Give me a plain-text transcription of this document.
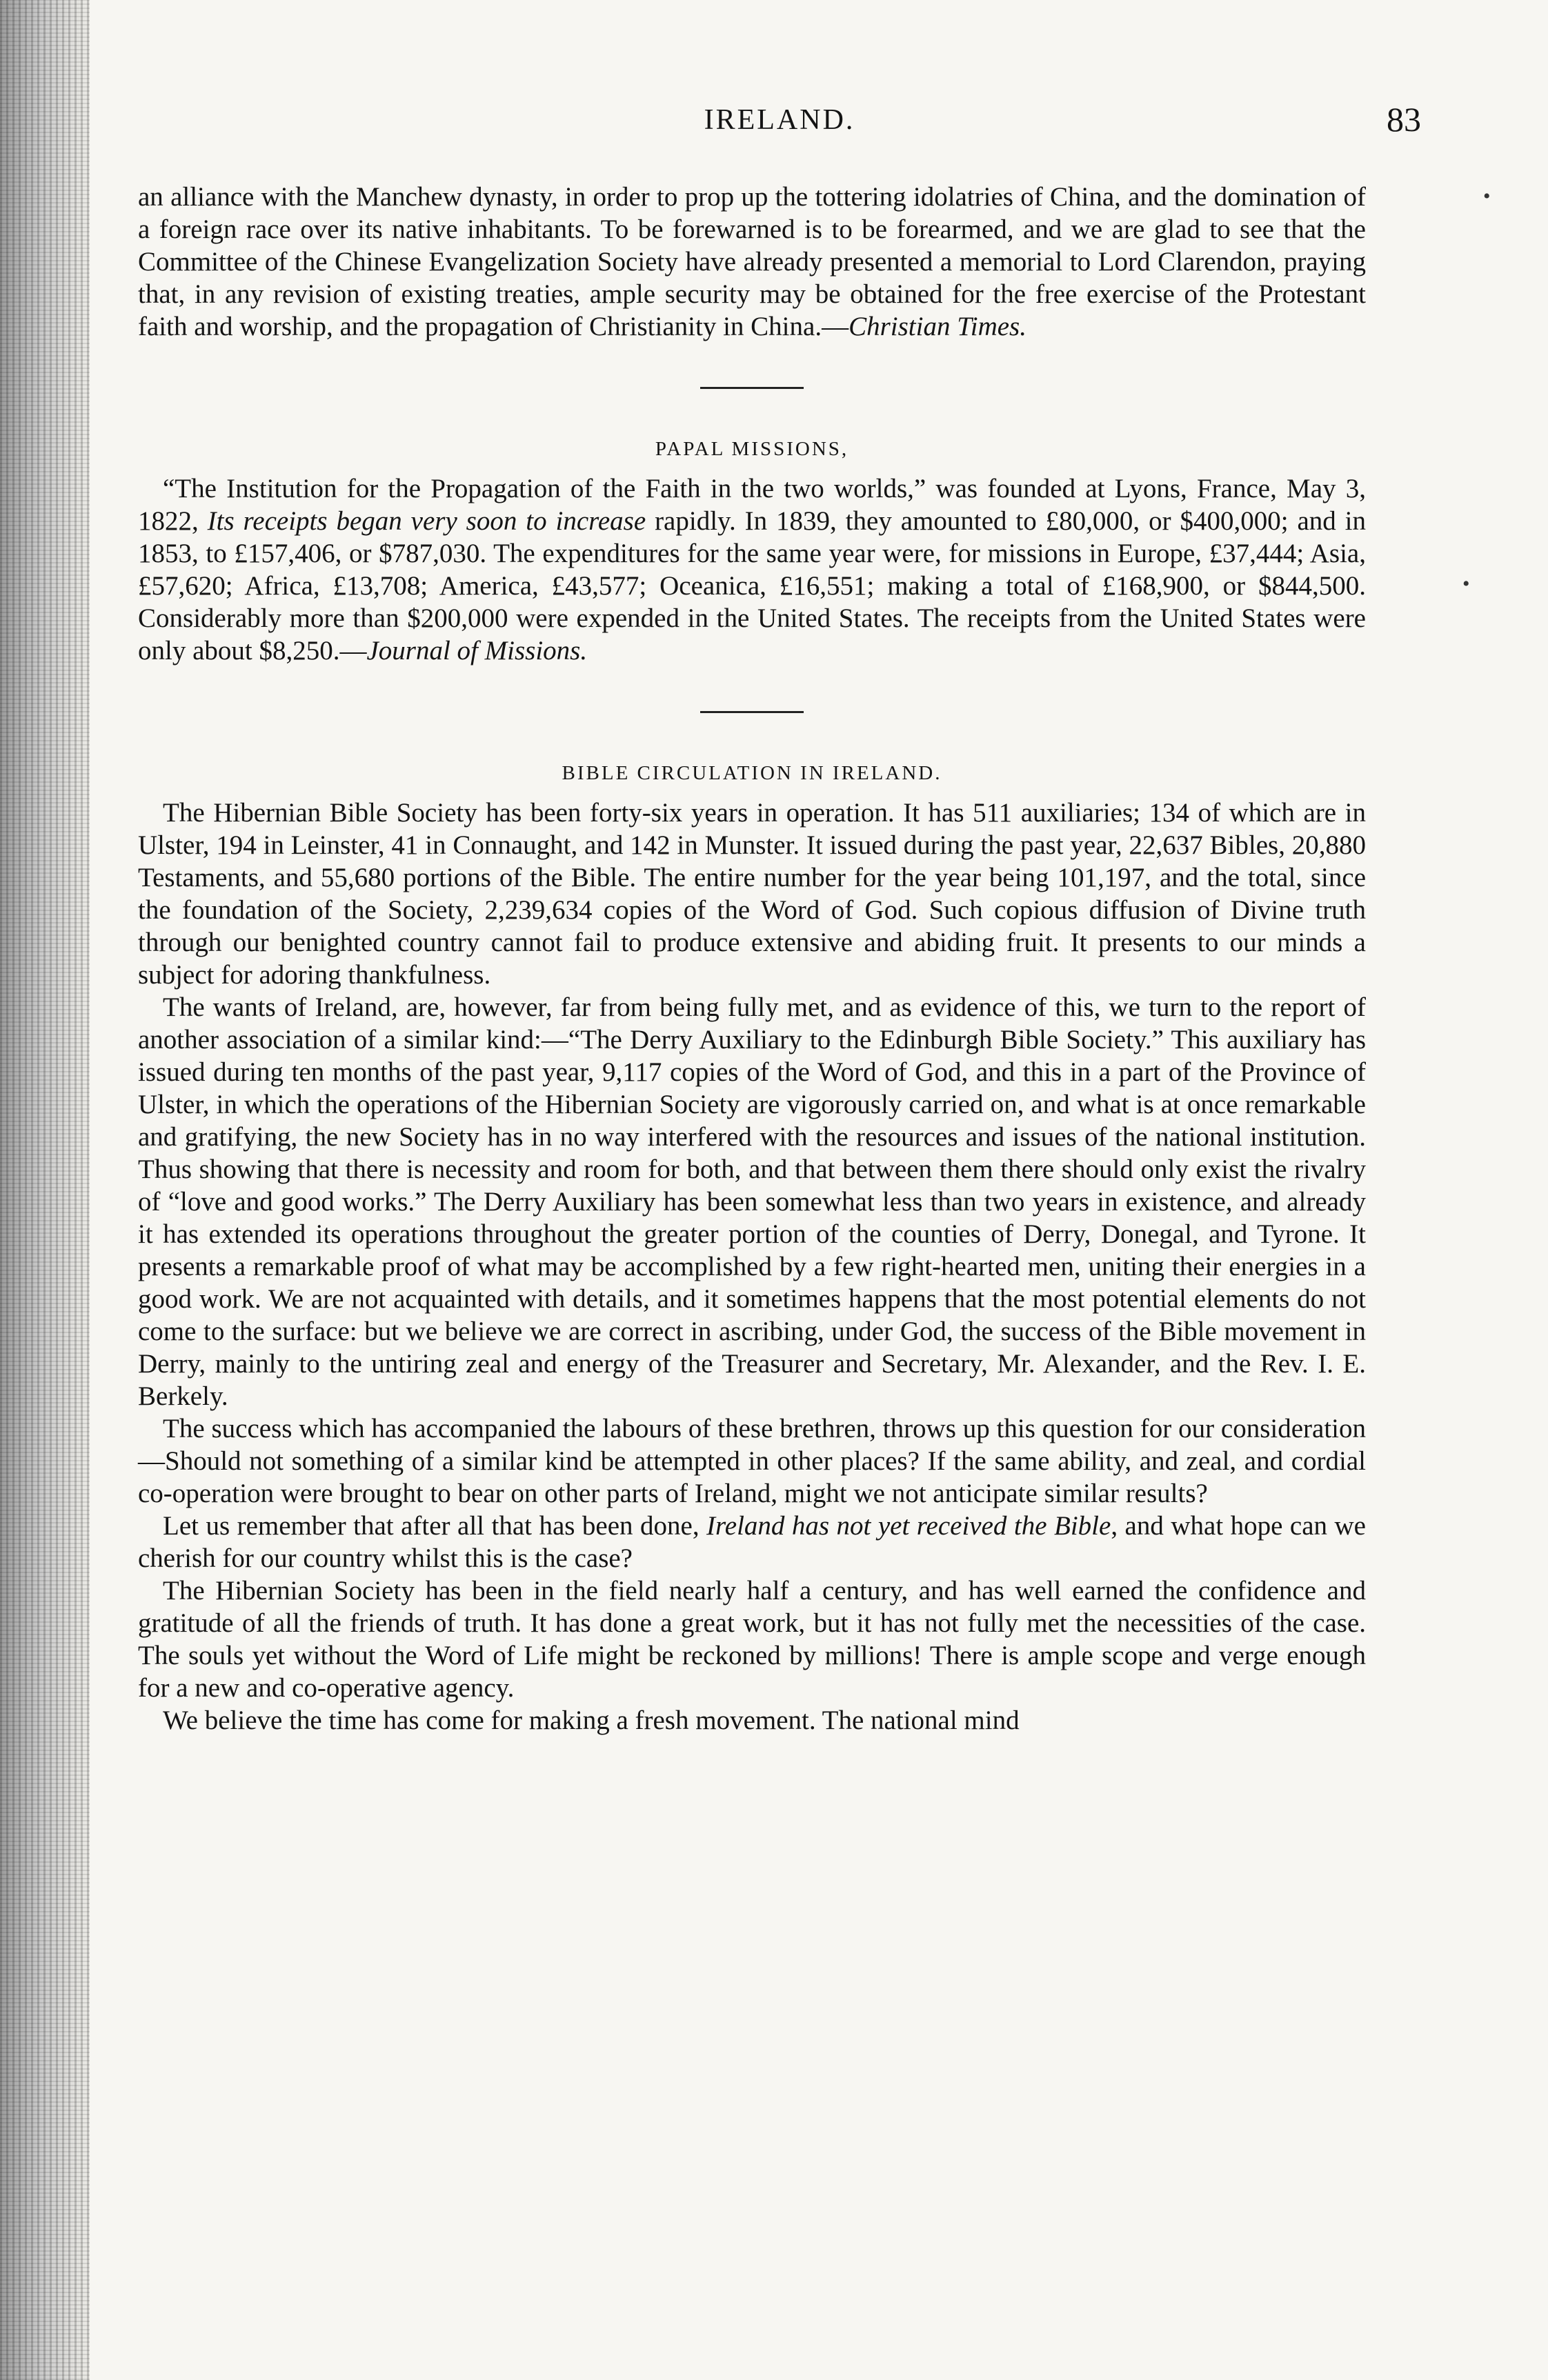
IRELAND.	83
•
•

an alliance with the Manchew dynasty, in order to prop up the tottering idolatries of China, and the domination of a foreign race over its native inhabitants. To be forewarned is to be forearmed, and we are glad to see that the Committee of the Chinese Evangelization Society have already presented a memorial to Lord Clarendon, praying that, in any revision of existing treaties, ample security may be obtained for the free exercise of the Protestant faith and worship, and the propagation of Christianity in China.—Christian Times.

PAPAL MISSIONS,

“The Institution for the Propagation of the Faith in the two worlds,” was founded at Lyons, France, May 3, 1822, Its receipts began very soon to increase rapidly. In 1839, they amounted to £80,000, or $400,000; and in 1853, to £157,406, or $787,030. The expenditures for the same year were, for missions in Europe, £37,444; Asia, £57,620; Africa, £13,708; America, £43,577; Oceanica, £16,551; making a total of £168,900, or $844,500. Considerably more than $200,000 were expended in the United States. The receipts from the United States were only about $8,250.—Journal of Missions.

BIBLE CIRCULATION IN IRELAND.

The Hibernian Bible Society has been forty-six years in operation. It has 511 auxiliaries; 134 of which are in Ulster, 194 in Leinster, 41 in Connaught, and 142 in Munster. It issued during the past year, 22,637 Bibles, 20,880 Testaments, and 55,680 portions of the Bible. The entire number for the year being 101,197, and the total, since the foundation of the Society, 2,239,634 copies of the Word of God. Such copious diffusion of Divine truth through our benighted country cannot fail to produce extensive and abiding fruit. It presents to our minds a subject for adoring thankfulness.

The wants of Ireland, are, however, far from being fully met, and as evidence of this, we turn to the report of another association of a similar kind:—“The Derry Auxiliary to the Edinburgh Bible Society.” This auxiliary has issued during ten months of the past year, 9,117 copies of the Word of God, and this in a part of the Province of Ulster, in which the operations of the Hibernian Society are vigorously carried on, and what is at once remarkable and gratifying, the new Society has in no way interfered with the resources and issues of the national institution. Thus showing that there is necessity and room for both, and that between them there should only exist the rivalry of “love and good works.” The Derry Auxiliary has been somewhat less than two years in existence, and already it has extended its operations throughout the greater portion of the counties of Derry, Donegal, and Tyrone. It presents a remarkable proof of what may be accomplished by a few right-hearted men, uniting their energies in a good work. We are not acquainted with details, and it sometimes happens that the most potential elements do not come to the surface: but we believe we are correct in ascribing, under God, the success of the Bible movement in Derry, mainly to the untiring zeal and energy of the Treasurer and Secretary, Mr. Alexander, and the Rev. I. E. Berkely.

The success which has accompanied the labours of these brethren, throws up this question for our consideration—Should not something of a similar kind be attempted in other places? If the same ability, and zeal, and cordial co-operation were brought to bear on other parts of Ireland, might we not anticipate similar results?

Let us remember that after all that has been done, Ireland has not yet received the Bible, and what hope can we cherish for our country whilst this is the case?

The Hibernian Society has been in the field nearly half a century, and has well earned the confidence and gratitude of all the friends of truth. It has done a great work, but it has not fully met the necessities of the case. The souls yet without the Word of Life might be reckoned by millions! There is ample scope and verge enough for a new and co-operative agency.

We believe the time has come for making a fresh movement. The national mind
